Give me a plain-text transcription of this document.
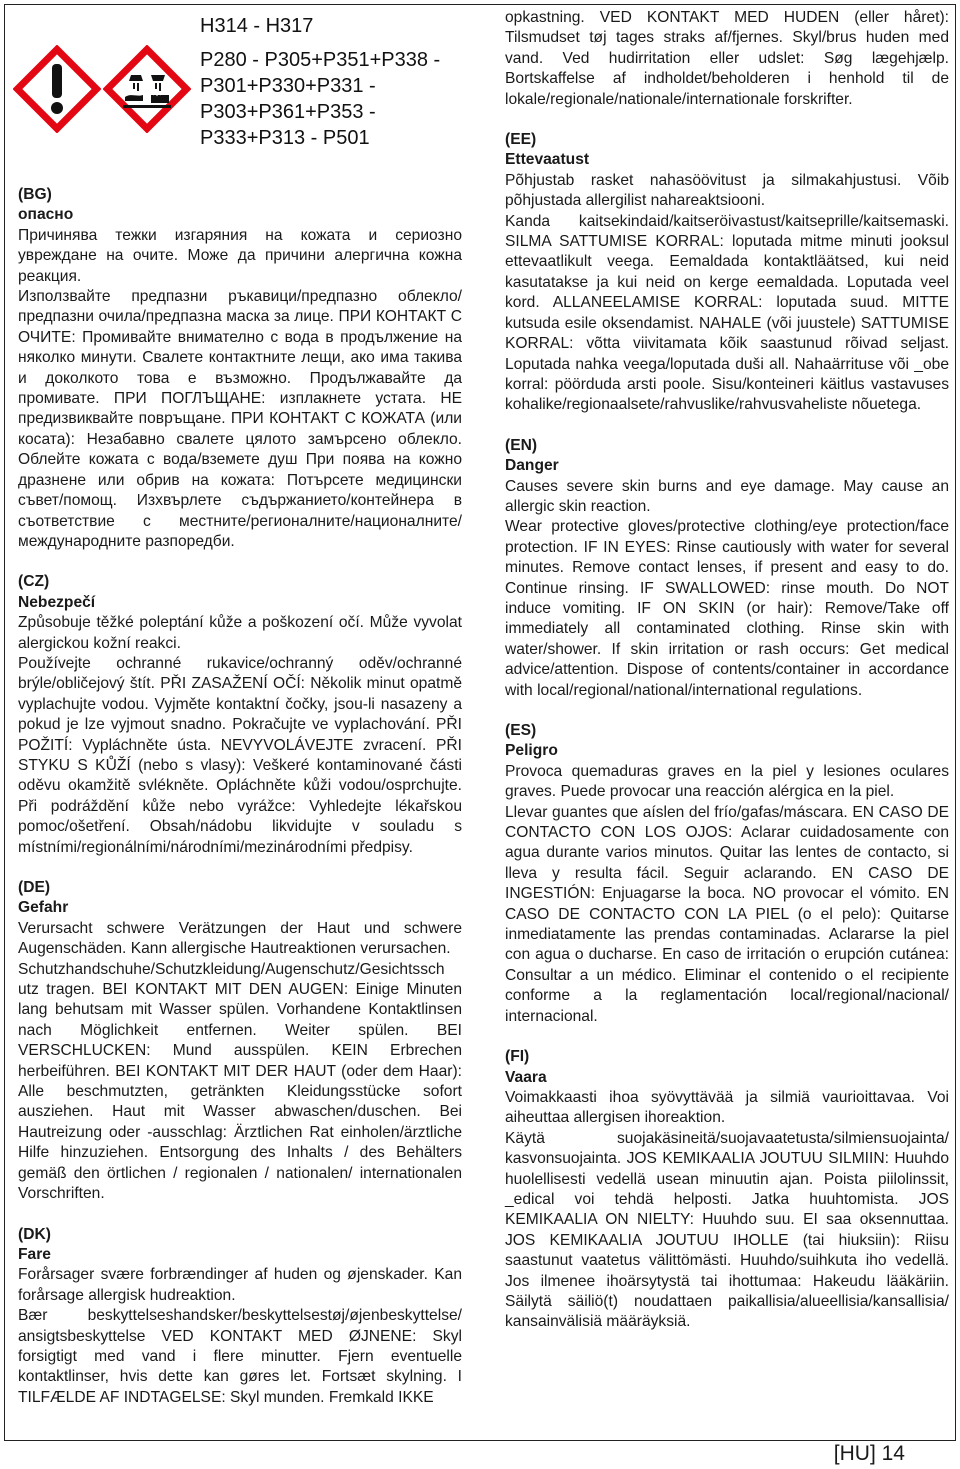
H314 - H317

P280 - P305+P351+P338 -

P301+P330+P331 -

P303+P361+P353 -

P333+P313 - P501

(BG)

опасно

Причинява тежки изгаряния на кожата и сериозно увреждане на очите. Може да причини алергична кожна реакция.

Използвайте предпазни ръкавици/предпазно облекло/предпазни очила/предпазна маска за лице. ПРИ КОНТАКТ С ОЧИТЕ: Промивайте внимателно с вода в продължение на няколко минути. Свалете контактните лещи, ако има такива и доколкото това е възможно. Продължавайте да промивате. ПРИ ПОГЛЪЩАНЕ: изплакнете устата. НЕ предизвиквайте повръщане. ПРИ КОНТАКТ С КОЖАТА (или косата): Незабавно свалете цялото замърсено облекло. Облейте кожата с вода/вземете душ При поява на кожно дразнене или обрив на кожата: Потърсете медицински съвет/помощ. Изхвърлете съдържанието/контейнера в съответствие с местните/регионалните/националните/ международните разпоредби.

(CZ)

Nebezpečí

Způsobuje těžké poleptání kůže a poškození očí. Může vyvolat alergickou kožní reakci.

Používejte ochranné rukavice/ochranný oděv/ochranné brýle/obličejový štít. PŘI ZASAŽENÍ OČÍ: Několik minut opatmě vyplachujte vodou. Vyjměte kontaktní čočky, jsou-li nasazeny a pokud je lze vyjmout snadno. Pokračujte ve vyplachování. PŘI POŽITÍ: Vypláchněte ústa. NEVYVOLÁVEJTE zvracení. PŘI STYKU S KŮŽÍ (nebo s vlasy): Veškeré kontaminované části oděvu okamžitě svlékněte. Opláchněte kůži vodou/osprchujte. Při podráždění kůže nebo vyrážce: Vyhledejte lékařskou pomoc/ošetření. Obsah/nádobu likvidujte v souladu s místními/regionálními/národními/mezinárodními předpisy.

(DE)

Gefahr

Verursacht schwere Verätzungen der Haut und schwere Augenschäden. Kann allergische Hautreaktionen verursachen.

Schutzhandschuhe/Schutzkleidung/Augenschutz/Gesichtssch utz tragen. BEI KONTAKT MIT DEN AUGEN: Einige Minuten lang behutsam mit Wasser spülen. Vorhandene Kontaktlinsen nach Möglichkeit entfernen. Weiter spülen. BEI VERSCHLUCKEN: Mund ausspülen. KEIN Erbrechen herbeiführen. BEI KONTAKT MIT DER HAUT (oder dem Haar): Alle beschmutzten, getränkten Kleidungsstücke sofort ausziehen. Haut mit Wasser abwaschen/duschen. Bei Hautreizung oder -ausschlag: Ärztlichen Rat einholen/ärztliche Hilfe hinzuziehen. Entsorgung des Inhalts / des Behälters gemäß den örtlichen / regionalen / nationalen/ internationalen Vorschriften.

(DK)

Fare

Forårsager svære forbrændinger af huden og øjenskader. Kan forårsage allergisk hudreaktion.

Bær beskyttelseshandsker/beskyttelsestøj/øjenbeskyttelse/ ansigtsbeskyttelse VED KONTAKT MED ØJNENE: Skyl forsigtigt med vand i flere minutter. Fjern eventuelle kontaktlinser, hvis dette kan gøres let. Fortsæt skylning. I TILFÆLDE AF INDTAGELSE: Skyl munden. Fremkald IKKE

opkastning. VED KONTAKT MED HUDEN (eller håret): Tilsmudset tøj tages straks af/fjernes. Skyl/brus huden med vand. Ved hudirritation eller udslet: Søg lægehjælp. Bortskaffelse af indholdet/beholderen i henhold til de lokale/regionale/nationale/internationale forskrifter.

(EE)

Ettevaatust

Põhjustab rasket nahasöövitust ja silmakahjustusi. Võib põhjustada allergilist nahareaktsiooni.

Kanda kaitsekindaid/kaitseröivastust/kaitseprille/kaitsemaski. SILMA SATTUMISE KORRAL: loputada mitme minuti jooksul ettevaatlikult veega. Eemaldada kontaktläätsed, kui neid kasutatakse ja kui neid on kerge eemaldada. Loputada veel kord. ALLANEELAMISE KORRAL: loputada suud. MITTE kutsuda esile oksendamist. NAHALE (või juustele) SATTUMISE KORRAL: võtta viivitamata kõik saastunud rõivad seljast. Loputada nahka veega/loputada duši all. Nahaärrituse või _obe korral: pöörduda arsti poole. Sisu/konteineri käitlus vastavuses kohalike/regionaalsete/rahvuslike/rahvusvaheliste nõuetega.

(EN)

Danger

Causes severe skin burns and eye damage. May cause an allergic skin reaction.

Wear protective gloves/protective clothing/eye protection/face protection. IF IN EYES: Rinse cautiously with water for several minutes. Remove contact lenses, if present and easy to do. Continue rinsing. IF SWALLOWED: rinse mouth. Do NOT induce vomiting. IF ON SKIN (or hair): Remove/Take off immediately all contaminated clothing. Rinse skin with water/shower. If skin irritation or rash occurs: Get medical advice/attention. Dispose of contents/container in accordance with local/regional/national/international regulations.

(ES)

Peligro

Provoca quemaduras graves en la piel y lesiones oculares graves. Puede provocar una reacción alérgica en la piel.

Llevar guantes que aíslen del frío/gafas/máscara. EN CASO DE CONTACTO CON LOS OJOS: Aclarar cuidadosamente con agua durante varios minutos. Quitar las lentes de contacto, si lleva y resulta fácil. Seguir aclarando. EN CASO DE INGESTIÓN: Enjuagarse la boca. NO provocar el vómito. EN CASO DE CONTACTO CON LA PIEL (o el pelo): Quitarse inmediatamente las prendas contaminadas. Aclararse la piel con agua o ducharse. En caso de irritación o erupción cutánea: Consultar a un médico. Eliminar el contenido o el recipiente conforme a la reglamentación local/regional/nacional/ internacional.

(FI)

Vaara

Voimakkaasti ihoa syövyttävää ja silmiä vaurioittavaa. Voi aiheuttaa allergisen ihoreaktion.

Käytä suojakäsineitä/suojavaatetusta/silmiensuojainta/ kasvonsuojainta. JOS KEMIKAALIA JOUTUU SILMIIN: Huuhdo huolellisesti vedellä usean minuutin ajan. Poista piilolinssit, _edical voi tehdä helposti. Jatka huuhtomista. JOS KEMIKAALIA ON NIELTY: Huuhdo suu. EI saa oksennuttaa. JOS KEMIKAALIA JOUTUU IHOLLE (tai hiuksiin): Riisu saastunut vaatetus välittömästi. Huuhdo/suihkuta iho vedellä. Jos ilmenee ihoärsytystä tai ihottumaa: Hakeudu lääkäriin. Säilytä säiliö(t) noudattaen paikallisia/alueellisia/kansallisia/ kansainvälisiä määräyksiä.

[HU] 14
